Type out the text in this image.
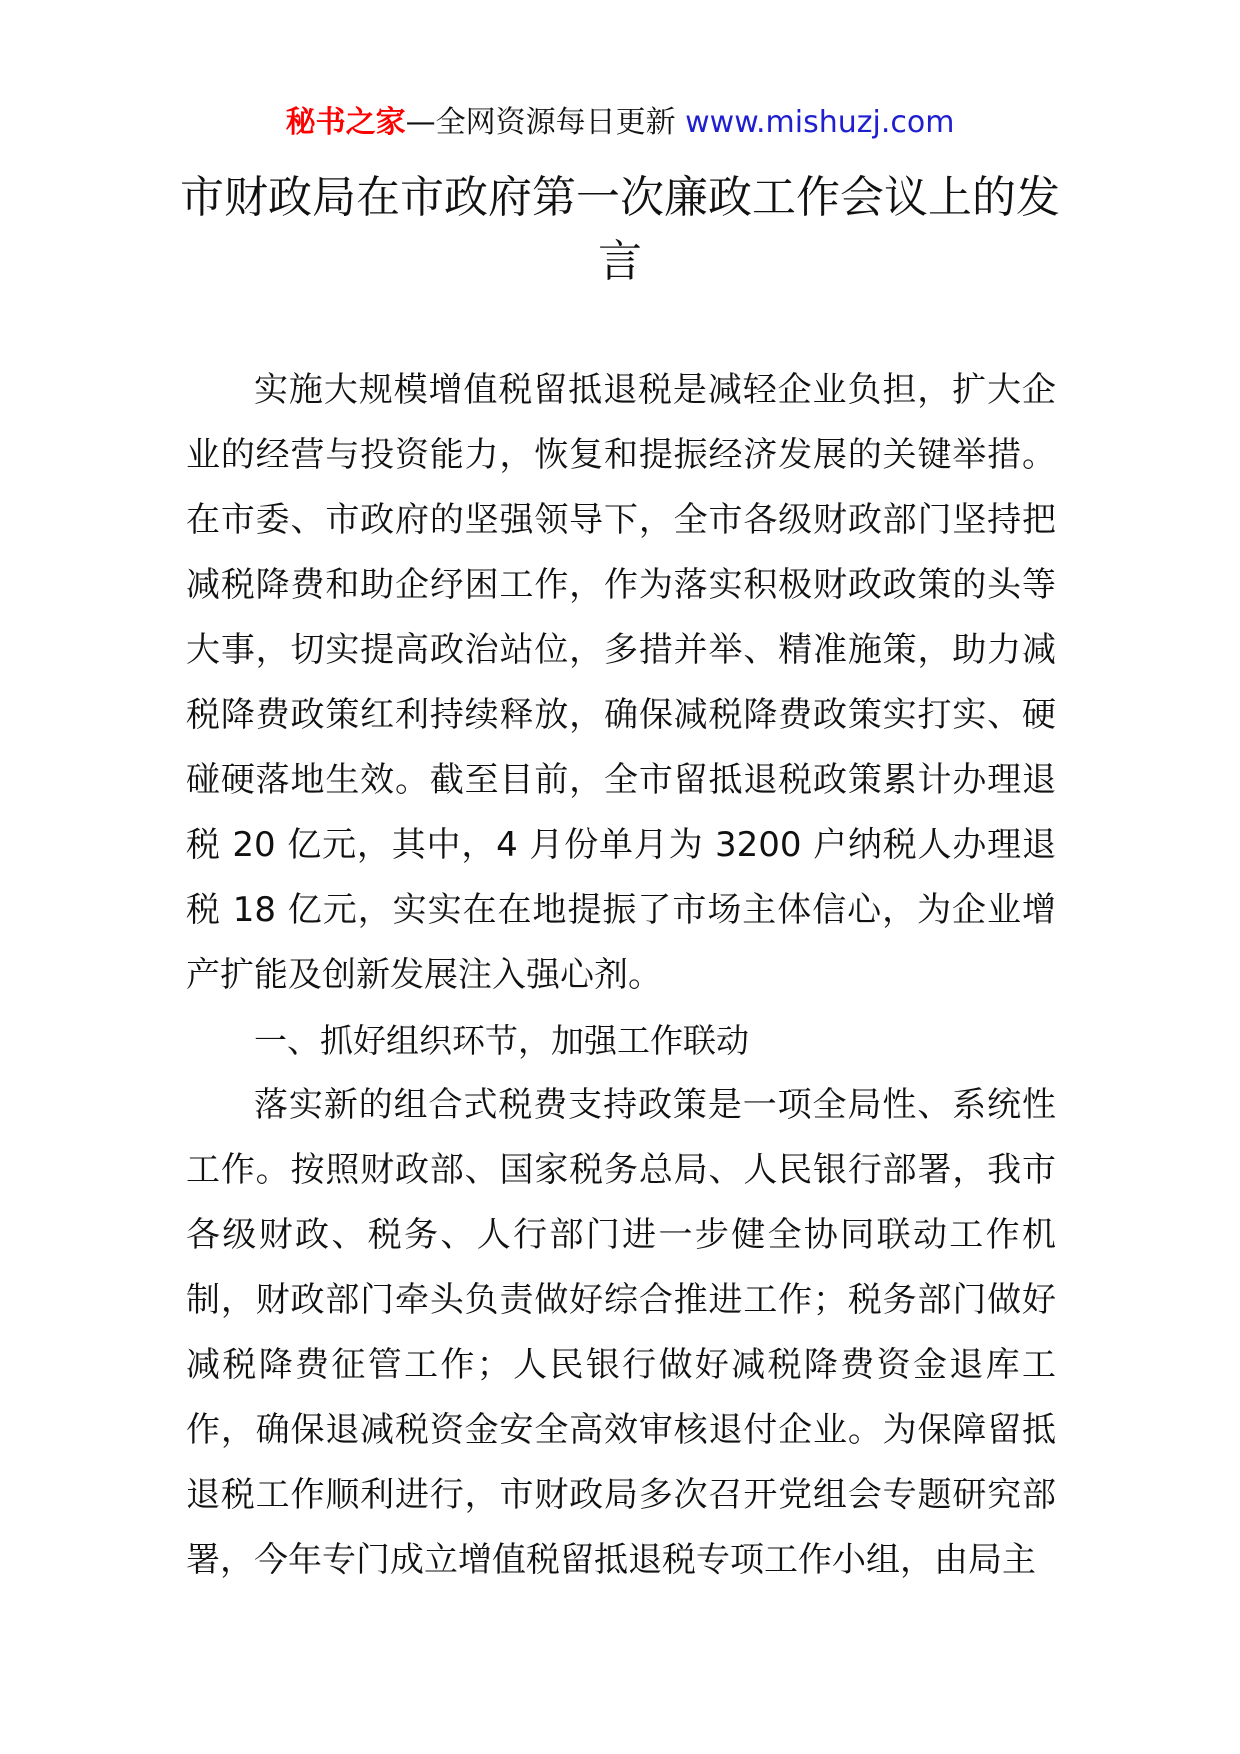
秘书之家—全网资源每日更新 www.mishuzj.com
市财政局在市政府第一次廉政工作会议上的发言

实施大规模增值税留抵退税是减轻企业负担，扩大企业的经营与投资能力，恢复和提振经济发展的关键举措。在市委、市政府的坚强领导下，全市各级财政部门坚持把减税降费和助企纾困工作，作为落实积极财政政策的头等大事，切实提高政治站位，多措并举、精准施策，助力减税降费政策红利持续释放，确保减税降费政策实打实、硬碰硬落地生效。截至目前，全市留抵退税政策累计办理退税 20 亿元，其中，4 月份单月为 3200 户纳税人办理退税 18 亿元，实实在在地提振了市场主体信心，为企业增产扩能及创新发展注入强心剂。

一、抓好组织环节，加强工作联动

落实新的组合式税费支持政策是一项全局性、系统性工作。按照财政部、国家税务总局、人民银行部署，我市各级财政、税务、人行部门进一步健全协同联动工作机制，财政部门牵头负责做好综合推进工作；税务部门做好减税降费征管工作；人民银行做好减税降费资金退库工作，确保退减税资金安全高效审核退付企业。为保障留抵退税工作顺利进行，市财政局多次召开党组会专题研究部署，今年专门成立增值税留抵退税专项工作小组，由局主
